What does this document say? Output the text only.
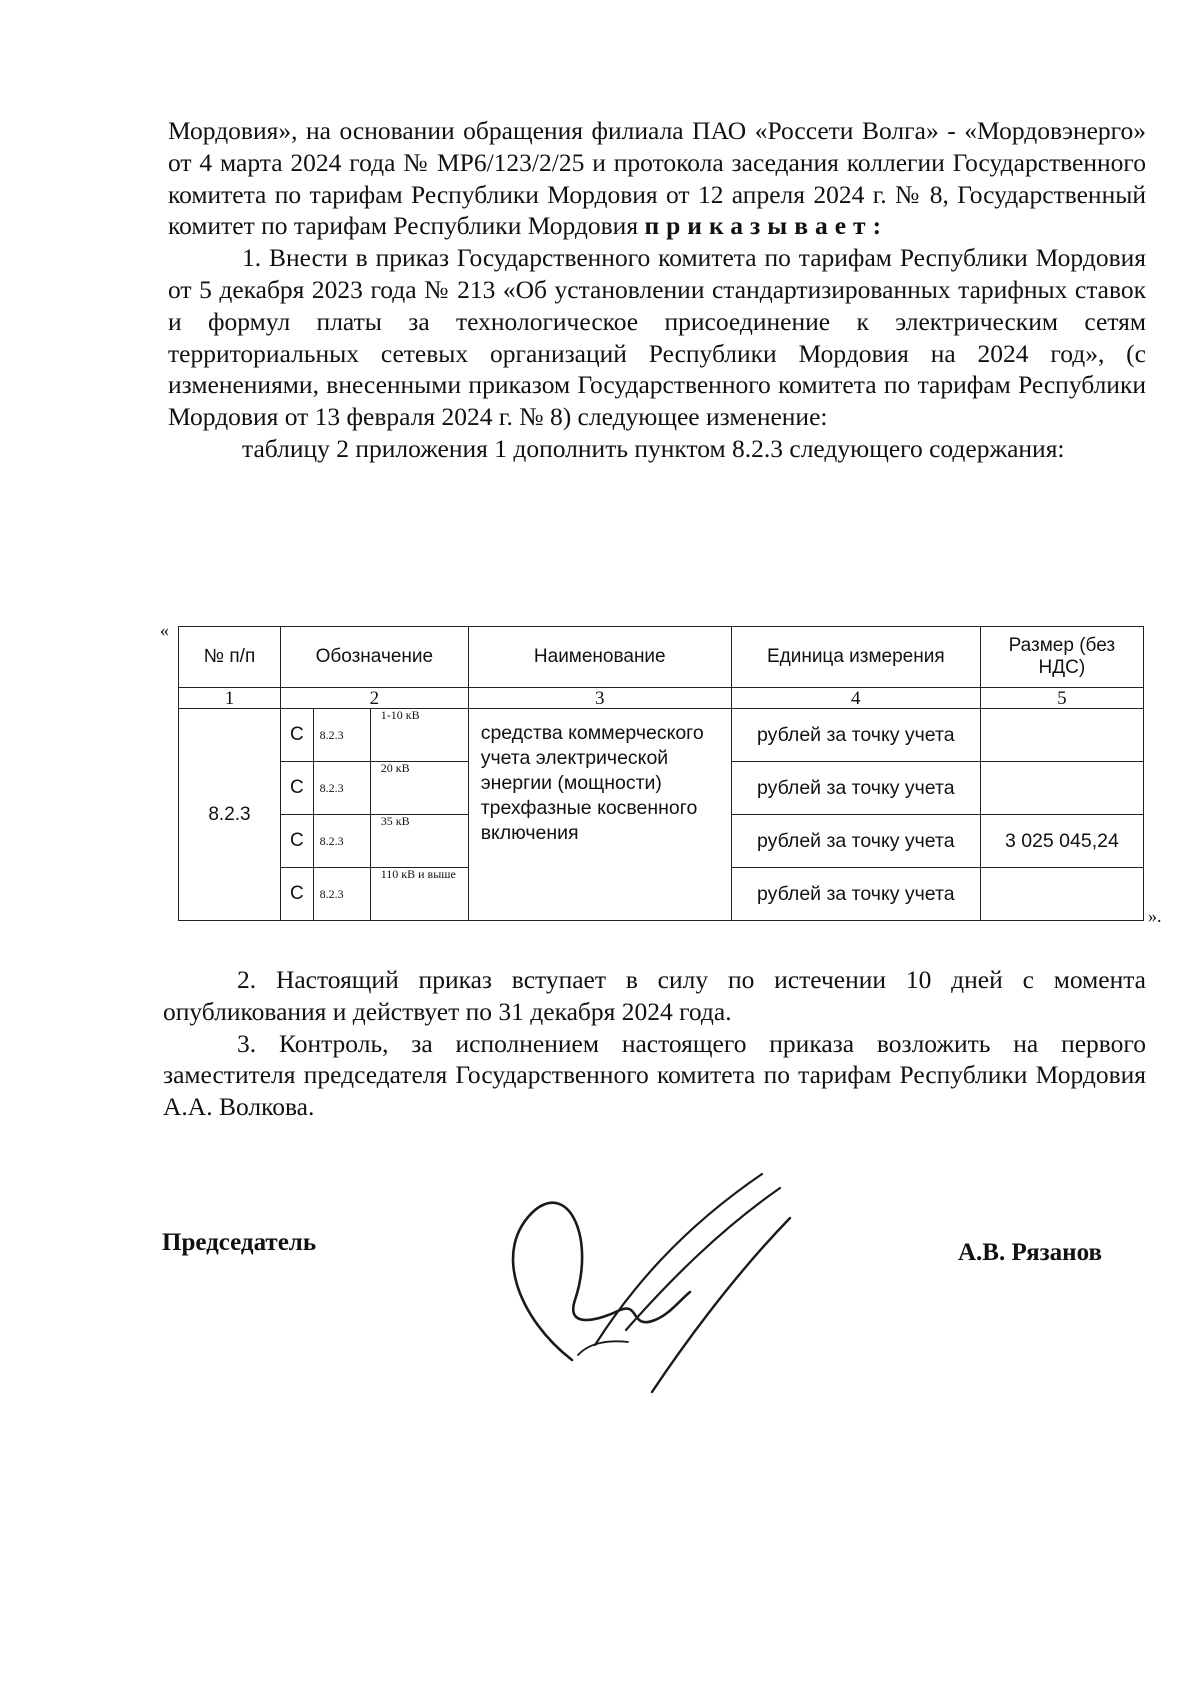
Мордовия», на основании обращения филиала ПАО «Россети Волга» - «Мордовэнерго» от 4 марта 2024 года № МР6/123/2/25 и протокола заседания коллегии Государственного комитета по тарифам Республики Мордовия от 12 апреля 2024 г. № 8, Государственный комитет по тарифам Республики Мордовия приказывает:

1. Внести в приказ Государственного комитета по тарифам Республики Мордовия от 5 декабря 2023 года № 213 «Об установлении стандартизированных тарифных ставок и формул платы за технологическое присоединение к электрическим сетям территориальных сетевых организаций Республики Мордовия на 2024 год», (с изменениями, внесенными приказом Государственного комитета по тарифам Республики Мордовия от 13 февраля 2024 г. № 8) следующее изменение:

таблицу 2 приложения 1 дополнить пунктом 8.2.3 следующего содержания:

«
№ п/п	Обозначение			Наименование	Единица измерения	Размер (без НДС)
1	2			3	4	5
8.2.3	С	8.2.3	1-10 кВ	средства коммерческого учета электрической энергии (мощности) трехфазные косвенного включения	рублей за точку учета	
	С	8.2.3	20 кВ		рублей за точку учета	
	С	8.2.3	35 кВ		рублей за точку учета	3 025 045,24
	С	8.2.3	110 кВ и выше		рублей за точку учета	
».

2. Настоящий приказ вступает в силу по истечении 10 дней с момента опубликования и действует по 31 декабря 2024 года.

3. Контроль, за исполнением настоящего приказа возложить на первого заместителя председателя Государственного комитета по тарифам Республики Мордовия А.А. Волкова.

Председатель	А.В. Рязанов
